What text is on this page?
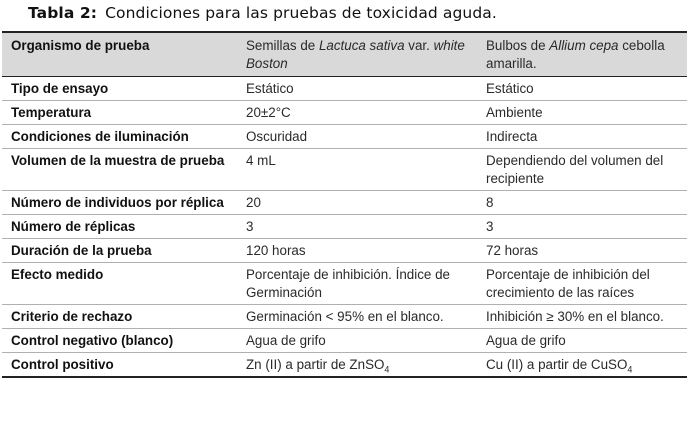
Tabla 2: Condiciones para las pruebas de toxicidad aguda.
Organismo de prueba	Semillas de Lactuca sativa var. white Boston	Bulbos de Allium cepa cebolla amarilla.
Tipo de ensayo	Estático	Estático
Temperatura	20±2°C	Ambiente
Condiciones de iluminación	Oscuridad	Indirecta
Volumen de la muestra de prueba	4 mL	Dependiendo del volumen del recipiente
Número de individuos por réplica	20	8
Número de réplicas	3	3
Duración de la prueba	120 horas	72 horas
Efecto medido	Porcentaje de inhibición. Índice de Germinación	Porcentaje de inhibición del crecimiento de las raíces
Criterio de rechazo	Germinación < 95% en el blanco.	Inhibición ≥ 30% en el blanco.
Control negativo (blanco)	Agua de grifo	Agua de grifo
Control positivo	Zn (II) a partir de ZnSO$_4$	Cu (II) a partir de CuSO$_4$
